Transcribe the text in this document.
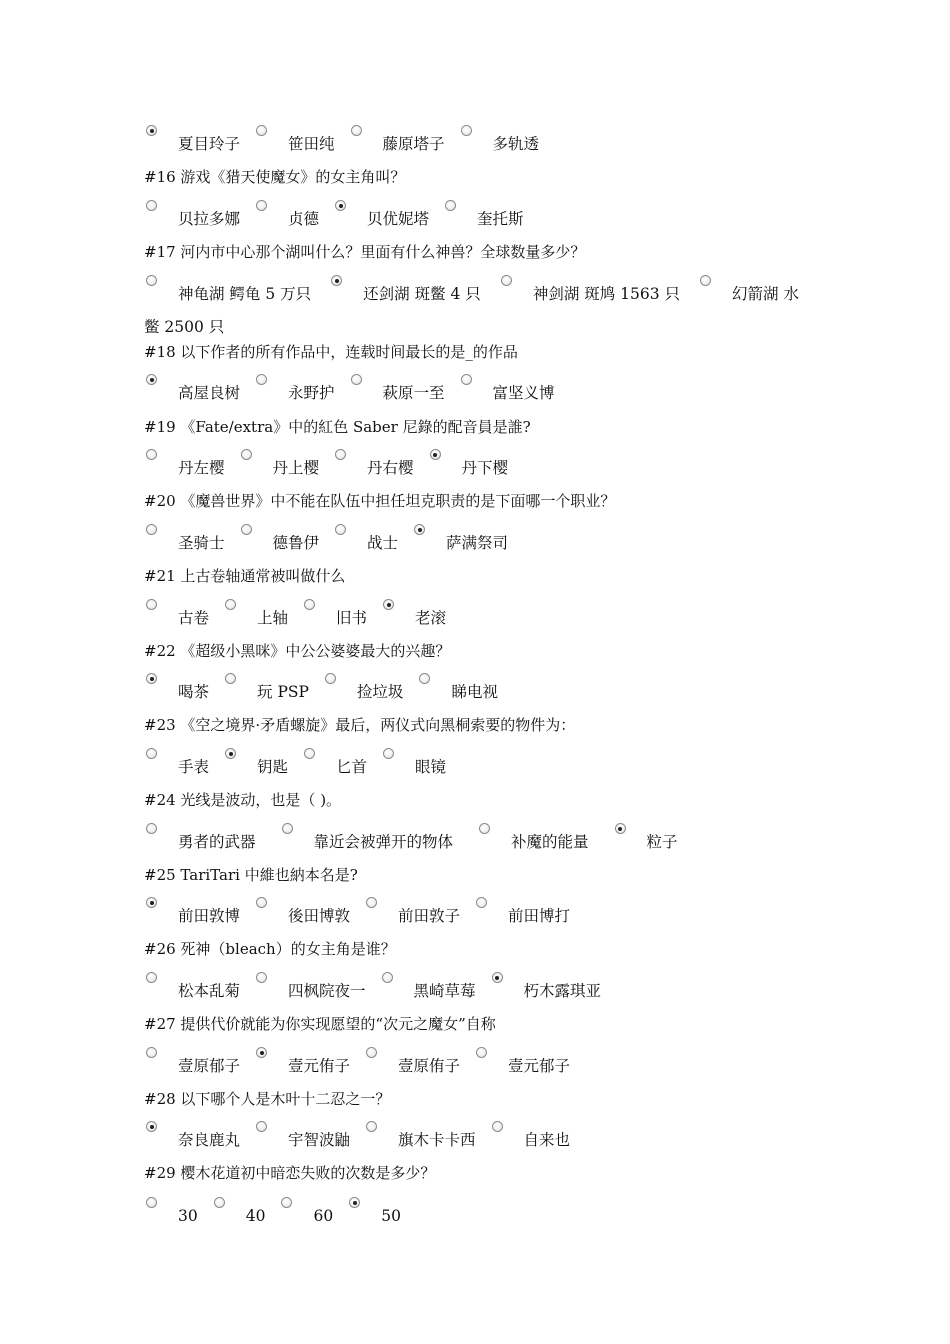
夏目玲子	笹田纯	藤原塔子	多轨透
#16 游戏《猎天使魔女》的女主角叫？
贝拉多娜	贞德	贝优妮塔	奎托斯
#17 河内市中心那个湖叫什么？里面有什么神兽？全球数量多少？
神龟湖 鳄龟 5 万只	还剑湖 斑鳖 4 只	神剑湖 斑鸠 1563 只	幻箭湖 水
鳖 2500 只
#18 以下作者的所有作品中，连载时间最长的是_的作品
高屋良树	永野护	萩原一至	富坚义博
#19 《Fate/extra》中的紅色 Saber 尼錄的配音員是誰?
丹左樱	丹上樱	丹右樱	丹下樱
#20 《魔兽世界》中不能在队伍中担任坦克职责的是下面哪一个职业？
圣骑士	德鲁伊	战士	萨满祭司
#21 上古卷轴通常被叫做什么
古卷	上轴	旧书	老滚
#22 《超级小黑咪》中公公婆婆最大的兴趣？
喝茶	玩 PSP	捡垃圾	睇电视
#23 《空之境界·矛盾螺旋》最后，两仪式向黑桐索要的物件为：
手表	钥匙	匕首	眼镜
#24 光线是波动，也是（ )。
勇者的武器	靠近会被弹开的物体	补魔的能量	粒子
#25 TariTari 中維也納本名是?
前田敦博	後田博敦	前田敦子	前田博打
#26 死神（bleach）的女主角是谁？
松本乱菊	四枫院夜一	黑崎草莓	朽木露琪亚
#27 提供代价就能为你实现愿望的“次元之魔女”自称
壹原郁子	壹元侑子	壹原侑子	壹元郁子
#28 以下哪个人是木叶十二忍之一？
奈良鹿丸	宇智波鼬	旗木卡卡西	自来也
#29 樱木花道初中暗恋失败的次数是多少？
30	40	60	50
